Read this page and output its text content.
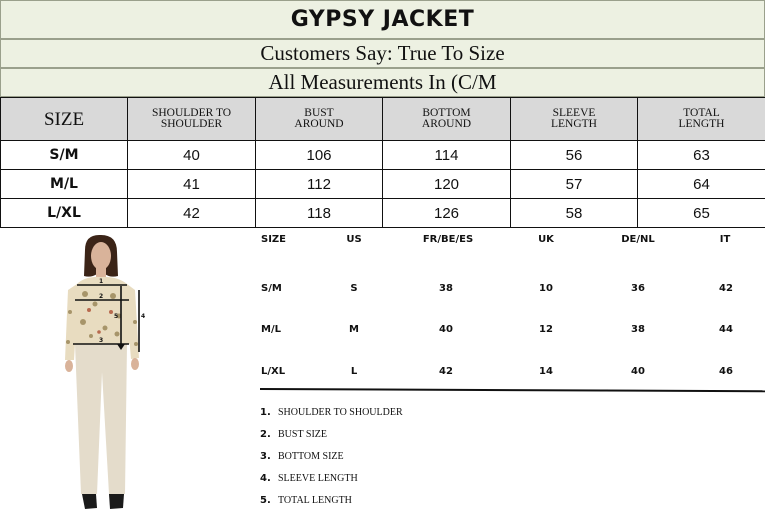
GYPSY JACKET
Customers Say: True To Size
All Measurements In (C/M
SIZE	SHOULDER TO SHOULDER	BUST AROUND	BOTTOM AROUND	SLEEVE LENGTH	TOTAL LENGTH
S/M	40	106	114	56	63
M/L	41	112	120	57	64
L/XL	42	118	126	58	65
1
2
3
4
5
SIZE	US	FR/BE/ES	UK	DE/NL	IT
S/M	S	38	10	36	42
M/L	M	40	12	38	44
L/XL	L	42	14	40	46
1. SHOULDER TO SHOULDER
2. BUST SIZE
3. BOTTOM SIZE
4. SLEEVE LENGTH
5. TOTAL LENGTH
